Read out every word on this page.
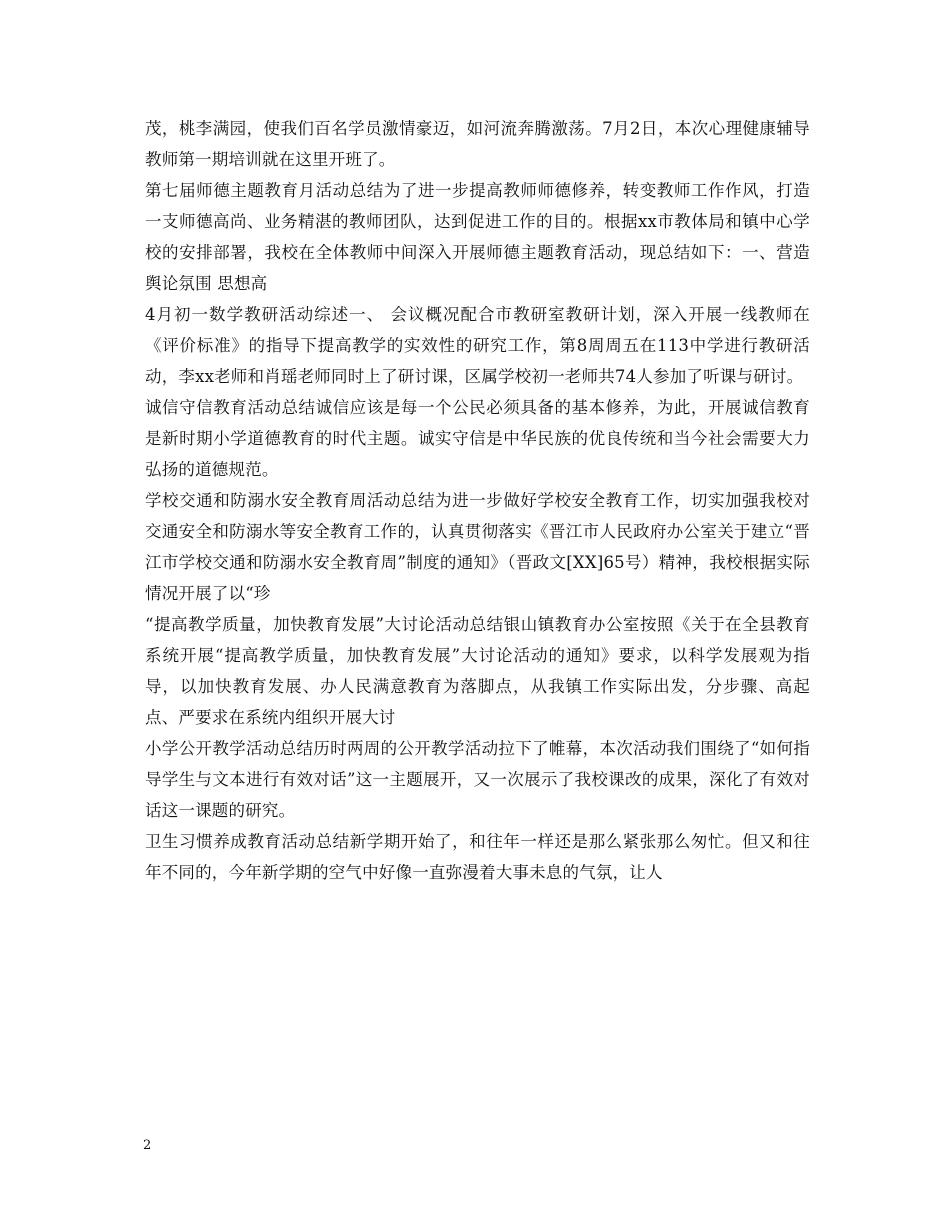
茂，桃李满园，使我们百名学员激情豪迈，如河流奔腾激荡。7月2日，本次心理健康辅导教师第一期培训就在这里开班了。

第七届师德主题教育月活动总结为了进一步提高教师师德修养，转变教师工作作风，打造一支师德高尚、业务精湛的教师团队，达到促进工作的目的。根据xx市教体局和镇中心学校的安排部署，我校在全体教师中间深入开展师德主题教育活动，现总结如下：一、营造舆论氛围 思想高

4月初一数学教研活动综述一、 会议概况配合市教研室教研计划，深入开展一线教师在《评价标准》的指导下提高教学的实效性的研究工作，第8周周五在113中学进行教研活动，李xx老师和肖瑶老师同时上了研讨课，区属学校初一老师共74人参加了听课与研讨。

诚信守信教育活动总结诚信应该是每一个公民必须具备的基本修养，为此，开展诚信教育是新时期小学道德教育的时代主题。诚实守信是中华民族的优良传统和当今社会需要大力弘扬的道德规范。

学校交通和防溺水安全教育周活动总结为进一步做好学校安全教育工作，切实加强我校对交通安全和防溺水等安全教育工作的，认真贯彻落实《晋江市人民政府办公室关于建立“晋江市学校交通和防溺水安全教育周”制度的通知》（晋政文[XX]65号）精神，我校根据实际情况开展了以“珍

“提高教学质量，加快教育发展”大讨论活动总结银山镇教育办公室按照《关于在全县教育系统开展“提高教学质量，加快教育发展”大讨论活动的通知》要求，以科学发展观为指导，以加快教育发展、办人民满意教育为落脚点，从我镇工作实际出发，分步骤、高起点、严要求在系统内组织开展大讨

小学公开教学活动总结历时两周的公开教学活动拉下了帷幕，本次活动我们围绕了“如何指导学生与文本进行有效对话”这一主题展开，又一次展示了我校课改的成果，深化了有效对话这一课题的研究。

卫生习惯养成教育活动总结新学期开始了，和往年一样还是那么紧张那么匆忙。但又和往年不同的，今年新学期的空气中好像一直弥漫着大事未息的气氛，让人

2
